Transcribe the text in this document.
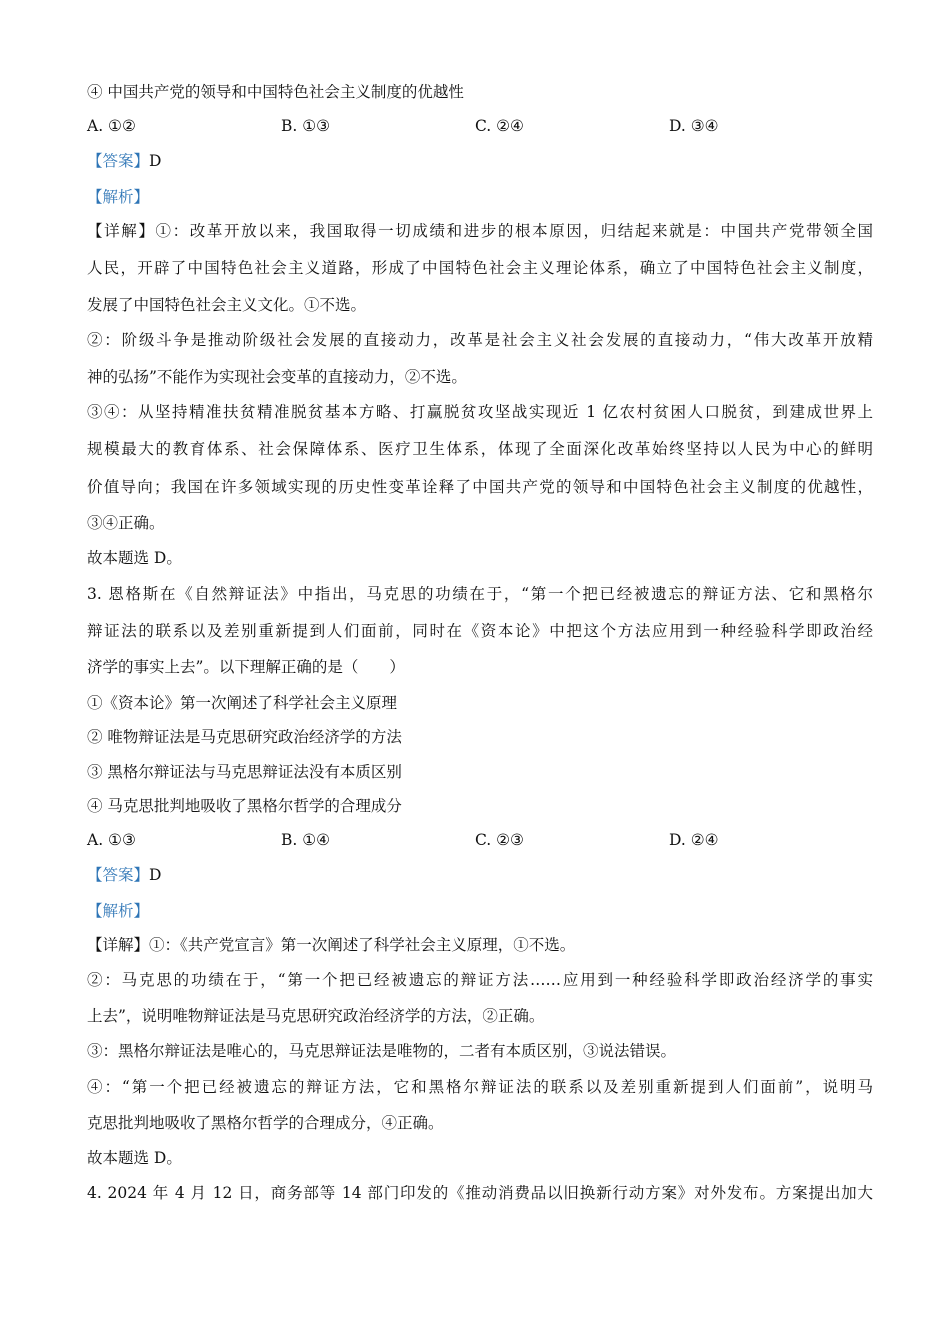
④ 中国共产党的领导和中国特色社会主义制度的优越性
A. ①②	B. ①③	C. ②④	D. ③④
【答案】D
【解析】
【详解】①：改革开放以来，我国取得一切成绩和进步的根本原因，归结起来就是：中国共产党带领全国
人民，开辟了中国特色社会主义道路，形成了中国特色社会主义理论体系，确立了中国特色社会主义制度，
发展了中国特色社会主义文化。①不选。
②：阶级斗争是推动阶级社会发展的直接动力，改革是社会主义社会发展的直接动力，“伟大改革开放精
神的弘扬”不能作为实现社会变革的直接动力，②不选。
③④：从坚持精准扶贫精准脱贫基本方略、打赢脱贫攻坚战实现近 1 亿农村贫困人口脱贫，到建成世界上
规模最大的教育体系、社会保障体系、医疗卫生体系，体现了全面深化改革始终坚持以人民为中心的鲜明
价值导向；我国在许多领域实现的历史性变革诠释了中国共产党的领导和中国特色社会主义制度的优越性，
③④正确。
故本题选 D。
3. 恩格斯在《自然辩证法》中指出，马克思的功绩在于，“第一个把已经被遗忘的辩证方法、它和黑格尔
辩证法的联系以及差别重新提到人们面前，同时在《资本论》中把这个方法应用到一种经验科学即政治经
济学的事实上去”。以下理解正确的是（　　）
①《资本论》第一次阐述了科学社会主义原理
② 唯物辩证法是马克思研究政治经济学的方法
③ 黑格尔辩证法与马克思辩证法没有本质区别
④ 马克思批判地吸收了黑格尔哲学的合理成分
A. ①③	B. ①④	C. ②③	D. ②④
【答案】D
【解析】
【详解】①：《共产党宣言》第一次阐述了科学社会主义原理，①不选。
②：马克思的功绩在于，“第一个把已经被遗忘的辩证方法……应用到一种经验科学即政治经济学的事实
上去”，说明唯物辩证法是马克思研究政治经济学的方法，②正确。
③：黑格尔辩证法是唯心的，马克思辩证法是唯物的，二者有本质区别，③说法错误。
④：“第一个把已经被遗忘的辩证方法，它和黑格尔辩证法的联系以及差别重新提到人们面前”，说明马
克思批判地吸收了黑格尔哲学的合理成分，④正确。
故本题选 D。
4. 2024 年 4 月 12 日，商务部等 14 部门印发的《推动消费品以旧换新行动方案》对外发布。方案提出加大
